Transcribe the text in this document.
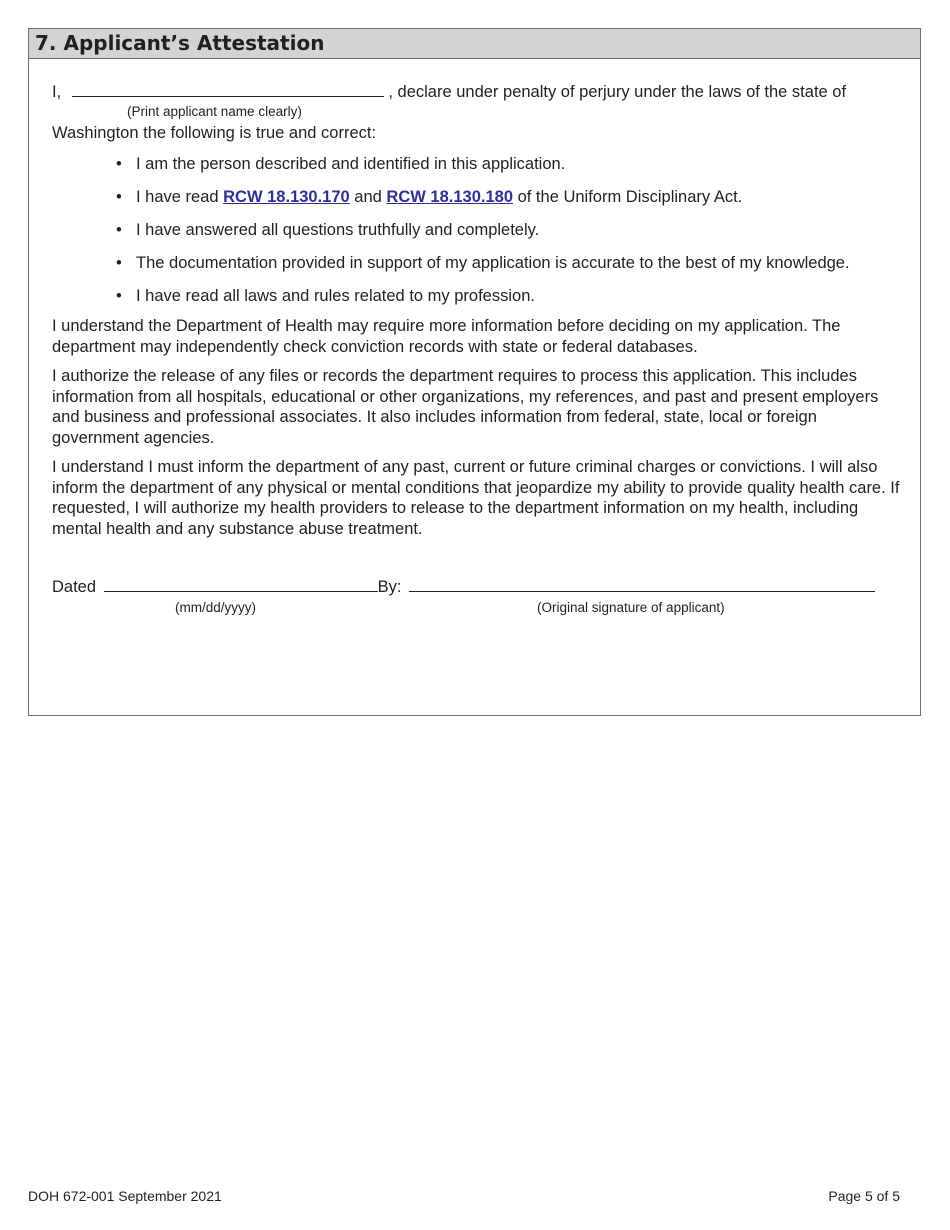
7. Applicant’s Attestation
I,	, declare under penalty of perjury under the laws of the state of
(Print applicant name clearly)
Washington the following is true and correct:
• I am the person described and identified in this application.
• I have read RCW 18.130.170 and RCW 18.130.180 of the Uniform Disciplinary Act.
• I have answered all questions truthfully and completely.
• The documentation provided in support of my application is accurate to the best of my knowledge.
• I have read all laws and rules related to my profession.
I understand the Department of Health may require more information before deciding on my application. The department may independently check conviction records with state or federal databases.
I authorize the release of any files or records the department requires to process this application. This includes information from all hospitals, educational or other organizations, my references, and past and present employers and business and professional associates. It also includes information from federal, state, local or foreign government agencies.
I understand I must inform the department of any past, current or future criminal charges or convictions. I will also inform the department of any physical or mental conditions that jeopardize my ability to provide quality health care. If requested, I will authorize my health providers to release to the department information on my health, including mental health and any substance abuse treatment.
Dated	By:
(mm/dd/yyyy)	(Original signature of applicant)
DOH 672-001 September 2021	Page 5 of 5
